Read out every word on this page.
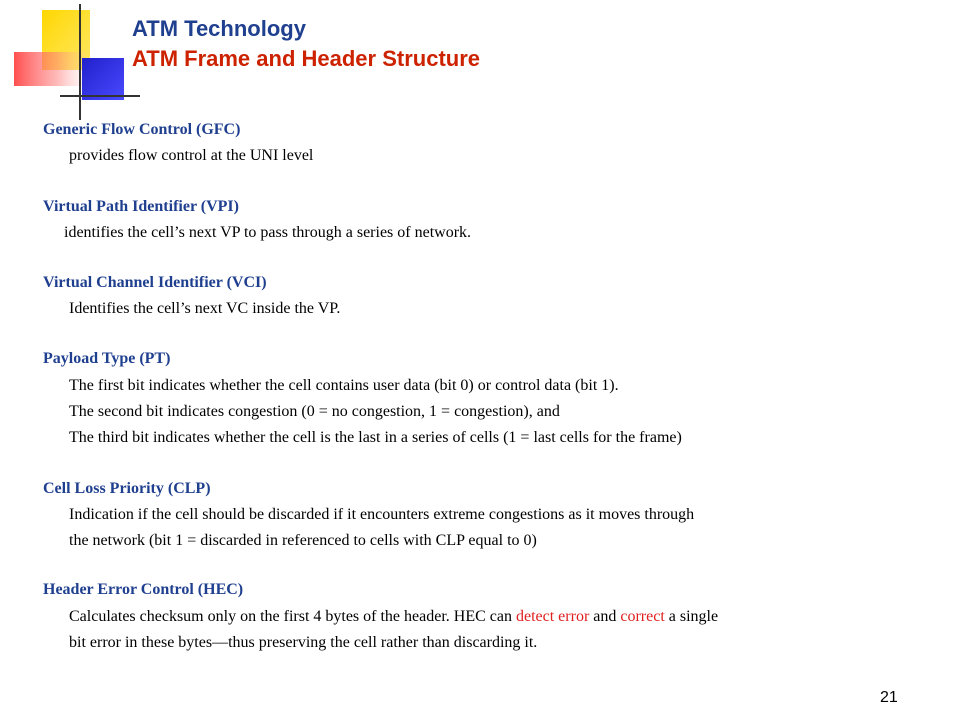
ATM Technology
ATM Frame and Header Structure
Generic Flow Control (GFC)
provides flow control at the UNI level
Virtual Path Identifier (VPI)
identifies the cell’s next VP to pass through a series of network.
Virtual Channel Identifier (VCI)
Identifies the cell’s next VC inside the VP.
Payload Type (PT)
The first bit indicates whether the cell contains user data (bit 0) or control data (bit 1).
The second bit indicates congestion (0 = no congestion, 1 = congestion), and
The third bit indicates whether the cell is the last in a series of cells (1 = last cells for the frame)
Cell Loss Priority (CLP)
Indication if the cell should be discarded if it encounters extreme congestions as it moves through
the network (bit 1 = discarded in referenced to cells with CLP equal to 0)
Header Error Control (HEC)
Calculates checksum only on the first 4 bytes of the header. HEC can detect error and correct a single
bit error in these bytes—thus preserving the cell rather than discarding it.
21
